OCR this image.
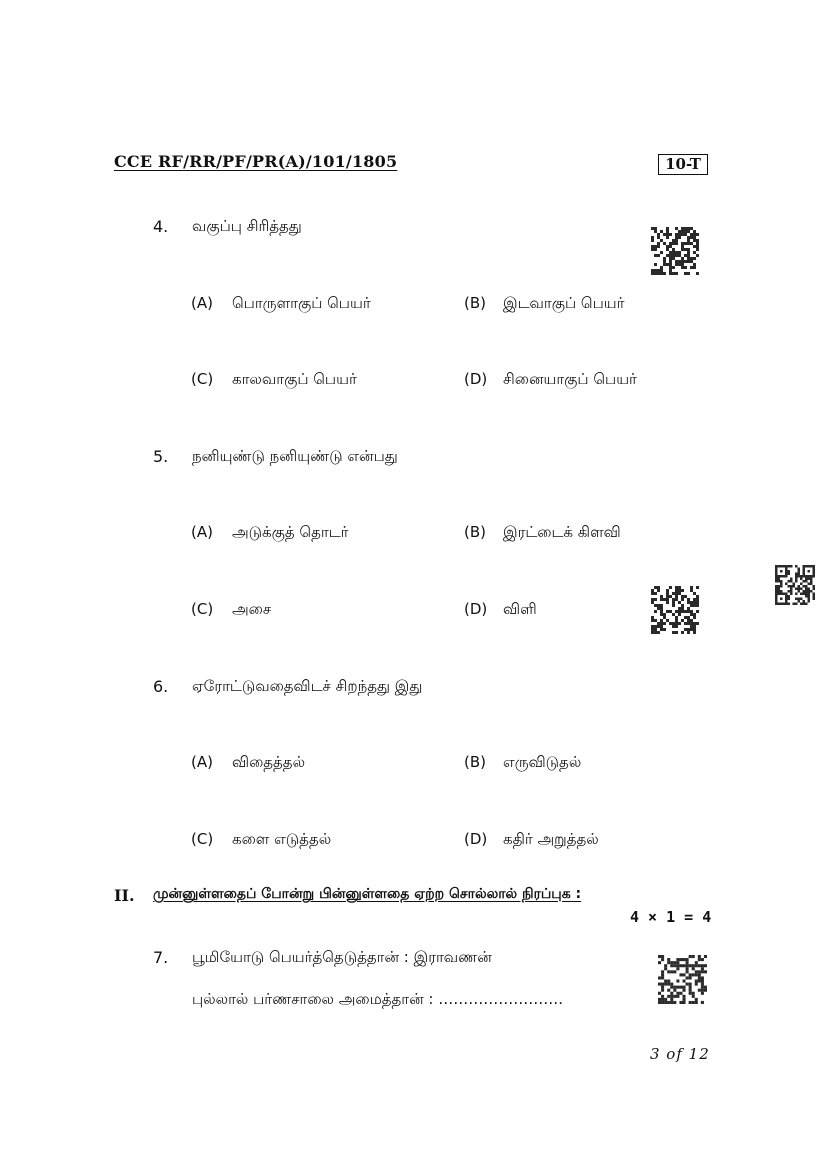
CCE RF/RR/PF/PR(A)/101/1805	10-T
4. வகுப்பு சிரித்தது
(A) பொருளாகுப் பெயர்	(B) இடவாகுப் பெயர்
(C) காலவாகுப் பெயர்	(D) சினையாகுப் பெயர்
5. நனியுண்டு நனியுண்டு என்பது
(A) அடுக்குத் தொடர்	(B) இரட்டைக் கிளவி
(C) அசை	(D) விளி
6. ஏரோட்டுவதைவிடச் சிறந்தது இது
(A) விதைத்தல்	(B) எருவிடுதல்
(C) களை எடுத்தல்	(D) கதிர் அறுத்தல்
II. முன்னுள்ளதைப் போன்று பின்னுள்ளதை ஏற்ற சொல்லால் நிரப்புக :
4 × 1 = 4
7. பூமியோடு பெயர்த்தெடுத்தான் : இராவணன்
புல்லால் பர்ணசாலை அமைத்தான் : …………………….
3 of 12
